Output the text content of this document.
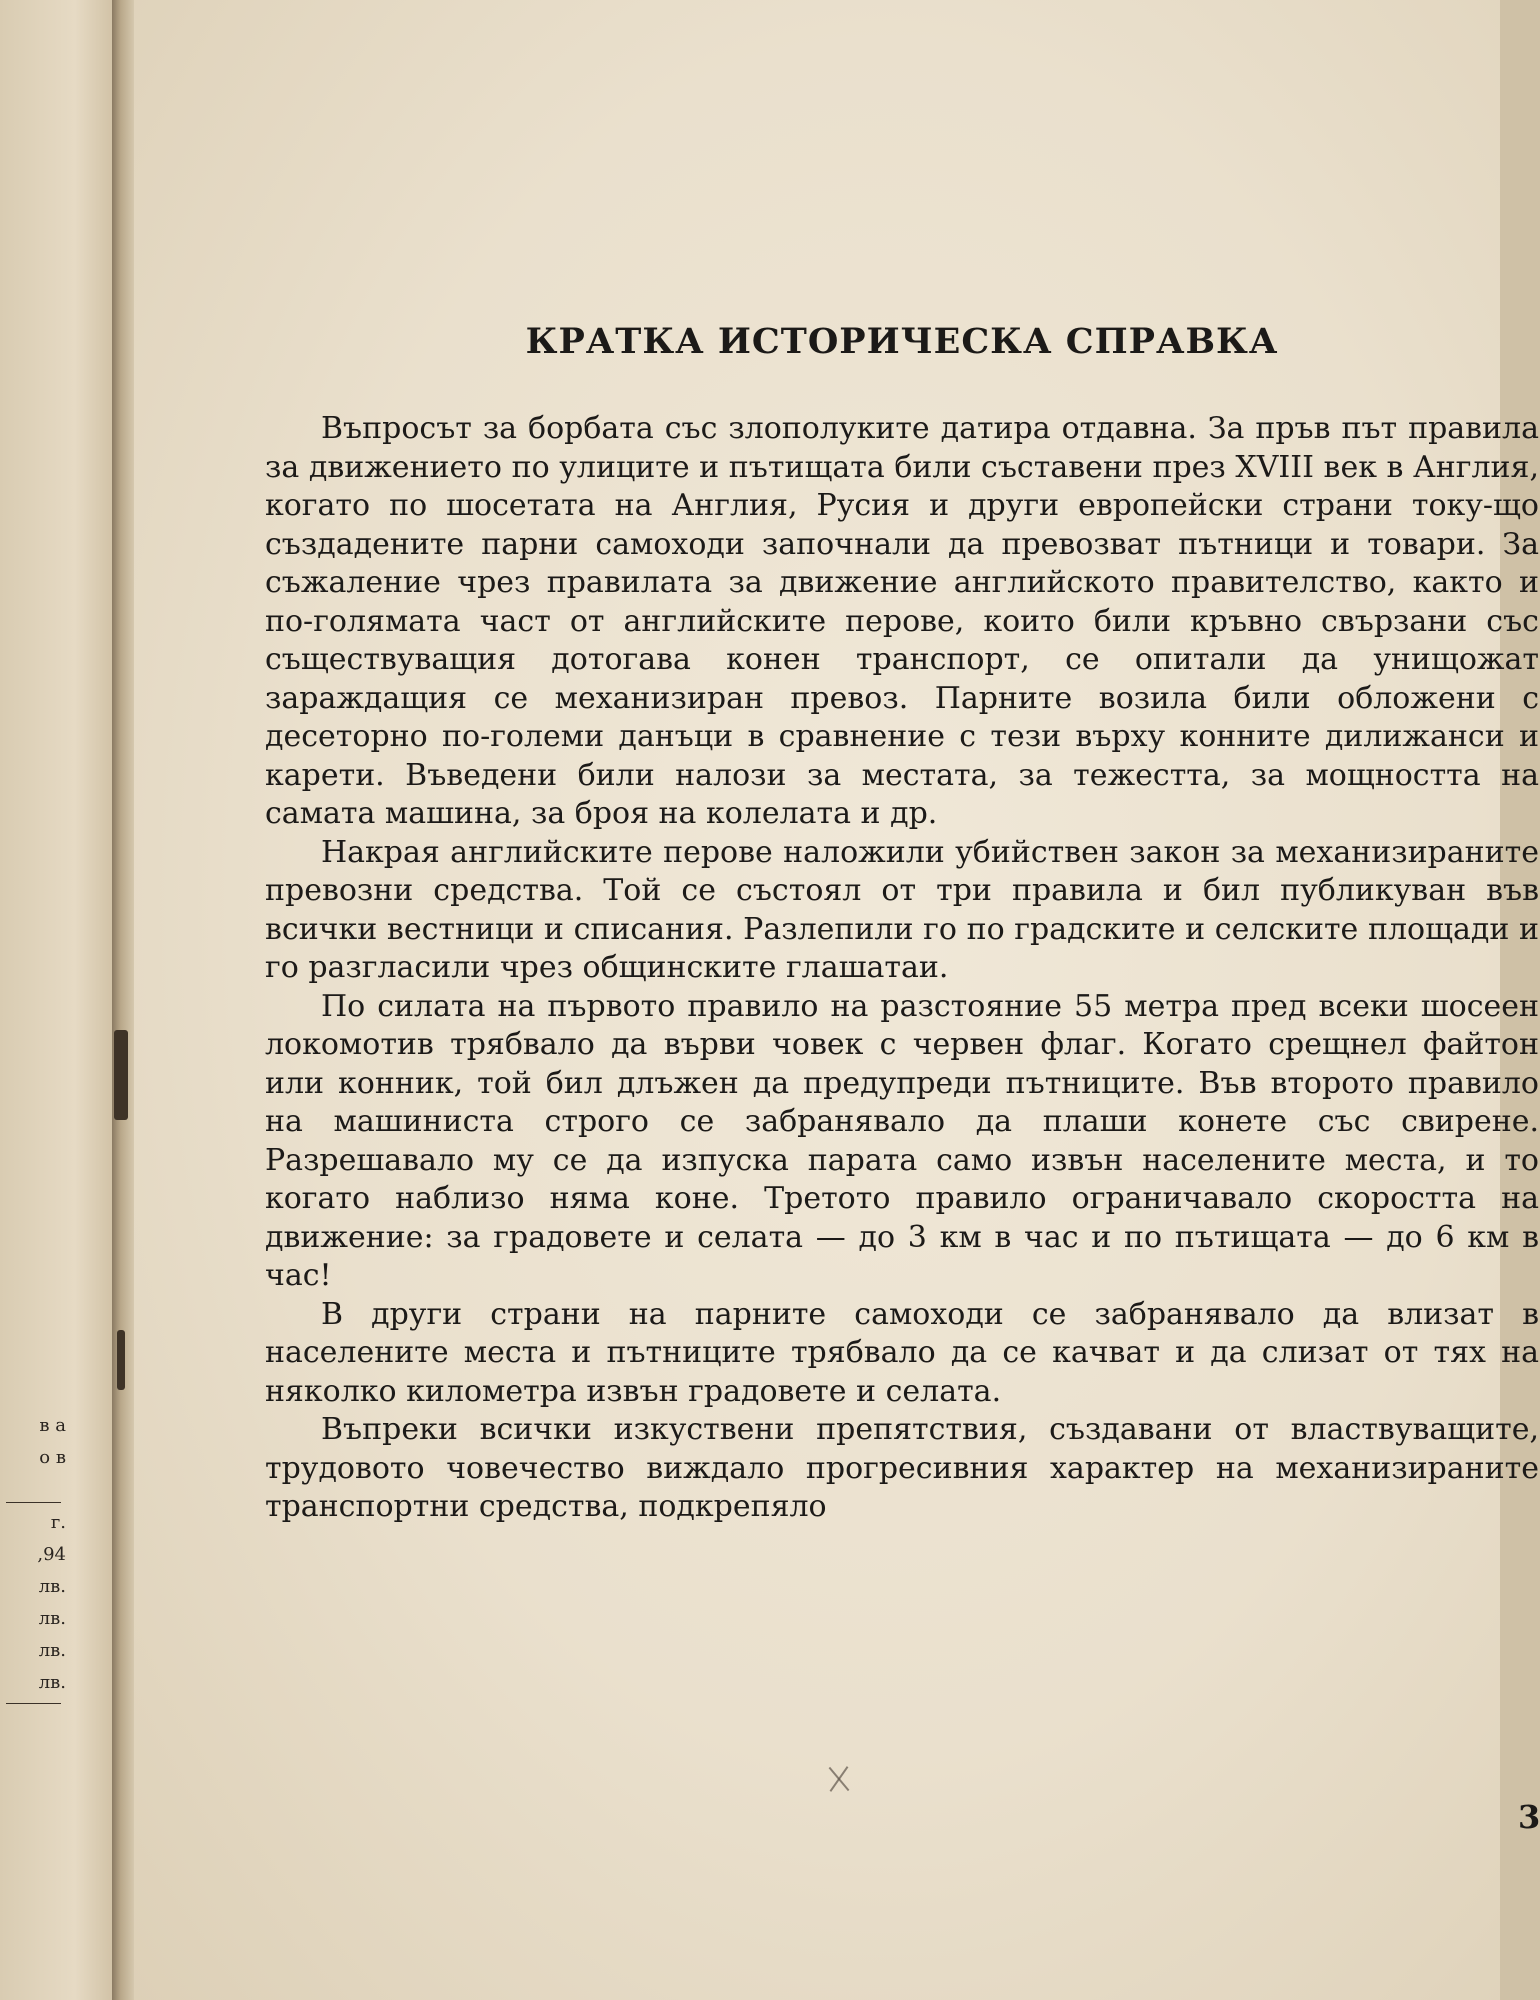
в а
о в
г.
,94
лв.
лв.
лв.
лв.
КРАТКА ИСТОРИЧЕСКА СПРАВКА

Въпросът за борбата със злополуките датира отдавна. За пръв път правила за движението по улиците и пътищата били съставени през XVIII век в Англия, когато по шосетата на Англия, Русия и други европейски страни току-що създадените парни самоходи започнали да превозват пътници и товари. За съжаление чрез правилата за движение английското правителство, както и по-голямата част от английските перове, които били кръвно свързани със съществуващия дотогава конен транспорт, се опитали да унищожат зараждащия се механизиран превоз. Парните возила били обложени с десеторно по-големи данъци в сравнение с тези върху конните дилижанси и карети. Въведени били налози за местата, за тежестта, за мощността на самата машина, за броя на колелата и др.

Накрая английските перове наложили убийствен закон за механизираните превозни средства. Той се състоял от три правила и бил публикуван във всички вестници и списания. Разлепили го по градските и селските площади и го разгласили чрез общинските глашатаи.

По силата на първото правило на разстояние 55 метра пред всеки шосеен локомотив трябвало да върви човек с червен флаг. Когато срещнел файтон или конник, той бил длъжен да предупреди пътниците. Във второто правило на машиниста строго се забранявало да плаши конете със свирене. Разрешавало му се да изпуска парата само извън населените места, и то когато наблизо няма коне. Третото правило ограничавало скоростта на движение: за градовете и селата — до 3 км в час и по пътищата — до 6 км в час!

В други страни на парните самоходи се забранявало да влизат в населените места и пътниците трябвало да се качват и да слизат от тях на няколко километра извън градовете и селата.

Въпреки всички изкуствени препятствия, създавани от властвуващите, трудовото човечество виждало прогресивния характер на механизираните транспортни средства, подкрепяло

3
